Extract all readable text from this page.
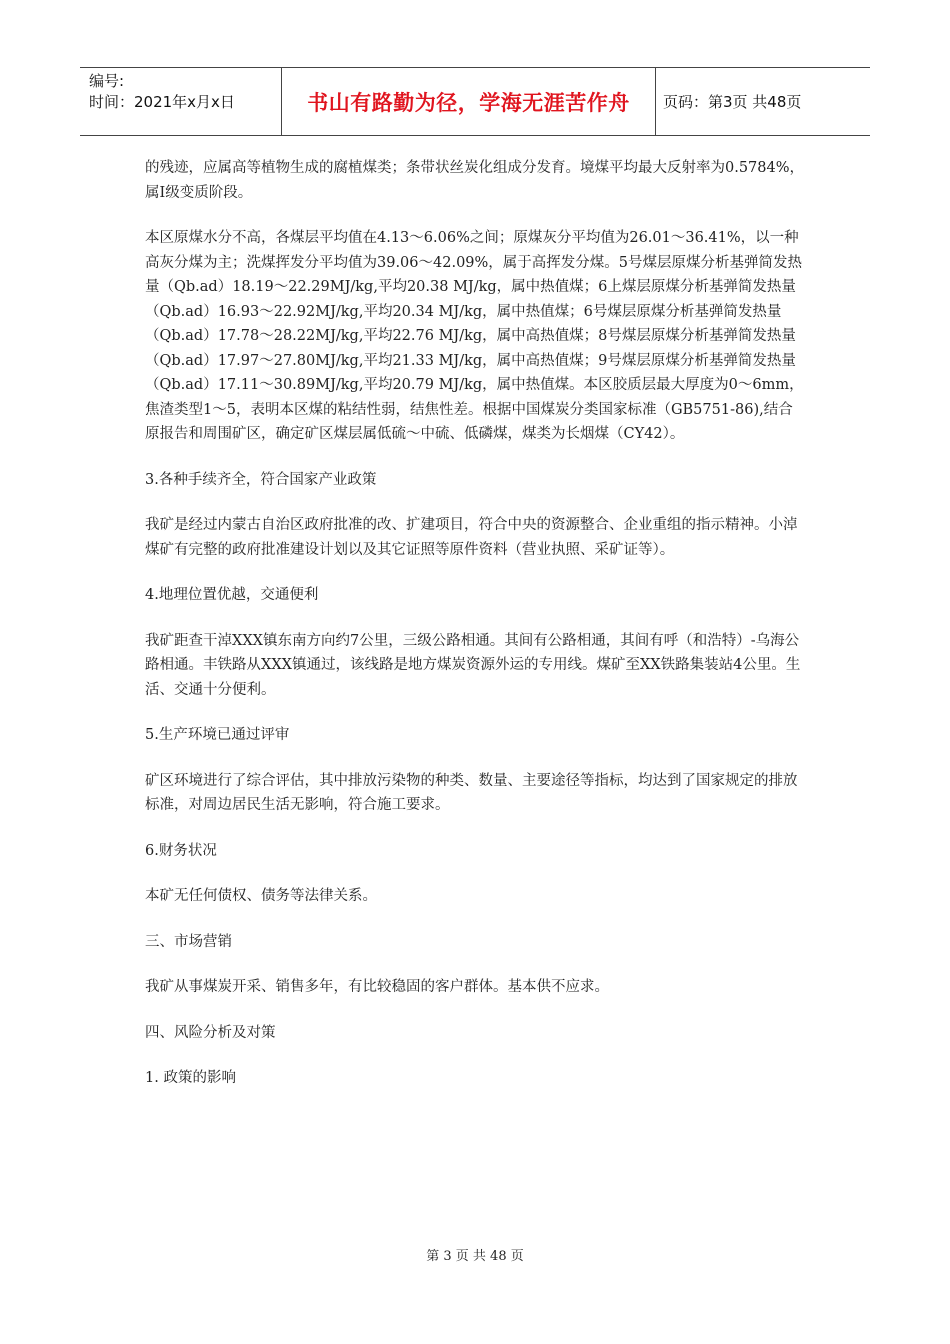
编号:
时间：2021年x月x日	书山有路勤为径，学海无涯苦作舟	页码：第3页 共48页

的残迹，应属高等植物生成的腐植煤类；条带状丝炭化组成分发育。境煤平均最大反射率为0.5784%，属Ⅰ级变质阶段。

本区原煤水分不高，各煤层平均值在4.13～6.06%之间；原煤灰分平均值为26.01～36.41%，以一种高灰分煤为主；洗煤挥发分平均值为39.06～42.09%，属于高挥发分煤。5号煤层原煤分析基弹简发热量（Qb.ad）18.19～22.29MJ/kg,平均20.38 MJ/kg，属中热值煤；6上煤层原煤分析基弹简发热量（Qb.ad）16.93～22.92MJ/kg,平均20.34 MJ/kg，属中热值煤；6号煤层原煤分析基弹简发热量（Qb.ad）17.78～28.22MJ/kg,平均22.76 MJ/kg，属中高热值煤；8号煤层原煤分析基弹简发热量（Qb.ad）17.97～27.80MJ/kg,平均21.33 MJ/kg，属中高热值煤；9号煤层原煤分析基弹简发热量（Qb.ad）17.11～30.89MJ/kg,平均20.79 MJ/kg，属中热值煤。本区胶质层最大厚度为0～6mm，焦渣类型1～5，表明本区煤的粘结性弱，结焦性差。根据中国煤炭分类国家标准（GB5751-86),结合原报告和周围矿区，确定矿区煤层属低硫～中硫、低磷煤，煤类为长烟煤（CY42）。

3.各种手续齐全，符合国家产业政策

我矿是经过内蒙古自治区政府批准的改、扩建项目，符合中央的资源整合、企业重组的指示精神。小淖煤矿有完整的政府批准建设计划以及其它证照等原件资料（营业执照、采矿证等）。

4.地理位置优越，交通便利

我矿距查干淖XXX镇东南方向约7公里，三级公路相通。其间有公路相通，其间有呼（和浩特）-乌海公路相通。丰铁路从XXX镇通过，该线路是地方煤炭资源外运的专用线。煤矿至XX铁路集装站4公里。生活、交通十分便利。

5.生产环境已通过评审

矿区环境进行了综合评估，其中排放污染物的种类、数量、主要途径等指标，均达到了国家规定的排放标准，对周边居民生活无影响，符合施工要求。

6.财务状况

本矿无任何债权、债务等法律关系。

三、市场营销

我矿从事煤炭开采、销售多年，有比较稳固的客户群体。基本供不应求。

四、风险分析及对策

1. 政策的影响

第 3 页 共 48 页
